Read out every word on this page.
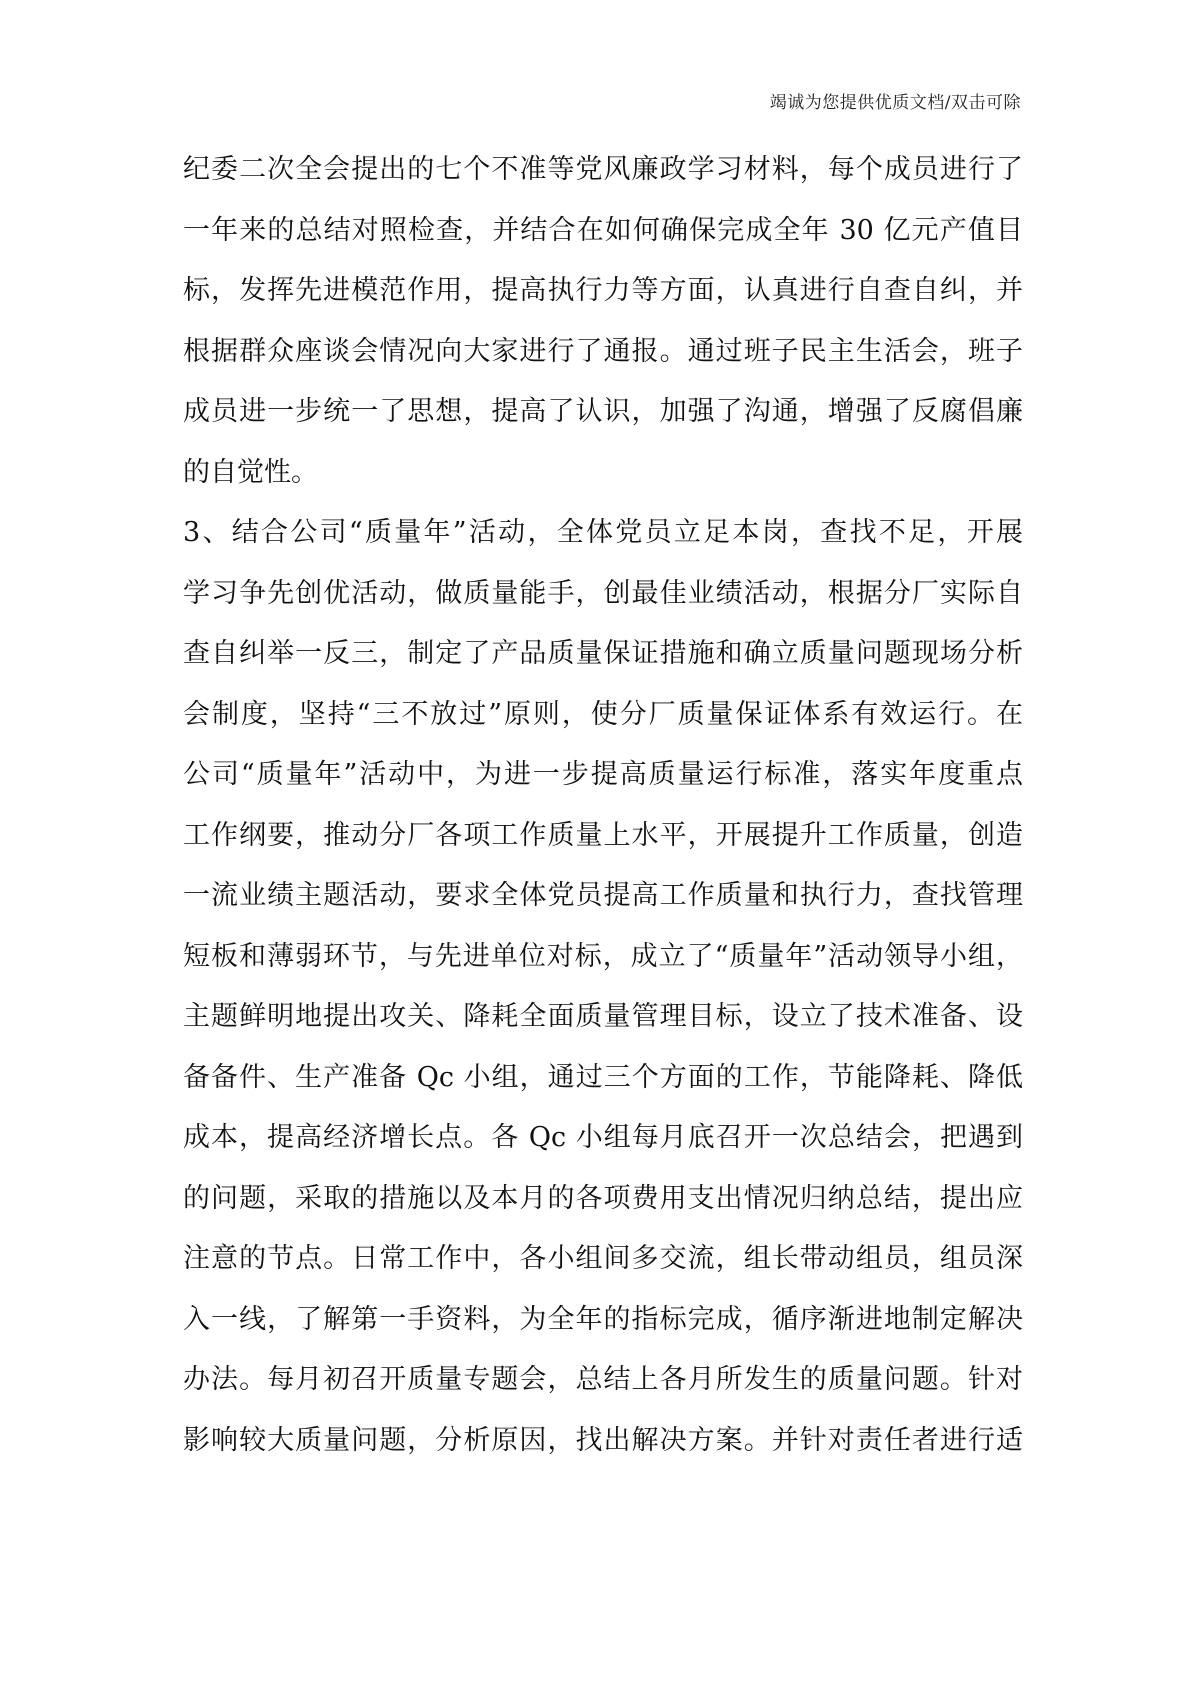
竭诚为您提供优质文档/双击可除
纪委二次全会提出的七个不准等党风廉政学习材料，每个成员进行了
一年来的总结对照检查，并结合在如何确保完成全年 30 亿元产值目
标，发挥先进模范作用，提高执行力等方面，认真进行自查自纠，并
根据群众座谈会情况向大家进行了通报。通过班子民主生活会，班子
成员进一步统一了思想，提高了认识，加强了沟通，增强了反腐倡廉
的自觉性。
3、结合公司“质量年”活动，全体党员立足本岗，查找不足，开展
学习争先创优活动，做质量能手，创最佳业绩活动，根据分厂实际自
查自纠举一反三，制定了产品质量保证措施和确立质量问题现场分析
会制度，坚持“三不放过”原则，使分厂质量保证体系有效运行。在
公司“质量年”活动中，为进一步提高质量运行标准，落实年度重点
工作纲要，推动分厂各项工作质量上水平，开展提升工作质量，创造
一流业绩主题活动，要求全体党员提高工作质量和执行力，查找管理
短板和薄弱环节，与先进单位对标，成立了“质量年”活动领导小组，
主题鲜明地提出攻关、降耗全面质量管理目标，设立了技术准备、设
备备件、生产准备 Qc 小组，通过三个方面的工作，节能降耗、降低
成本，提高经济增长点。各 Qc 小组每月底召开一次总结会，把遇到
的问题，采取的措施以及本月的各项费用支出情况归纳总结，提出应
注意的节点。日常工作中，各小组间多交流，组长带动组员，组员深
入一线，了解第一手资料，为全年的指标完成，循序渐进地制定解决
办法。每月初召开质量专题会，总结上各月所发生的质量问题。针对
影响较大质量问题，分析原因，找出解决方案。并针对责任者进行适
